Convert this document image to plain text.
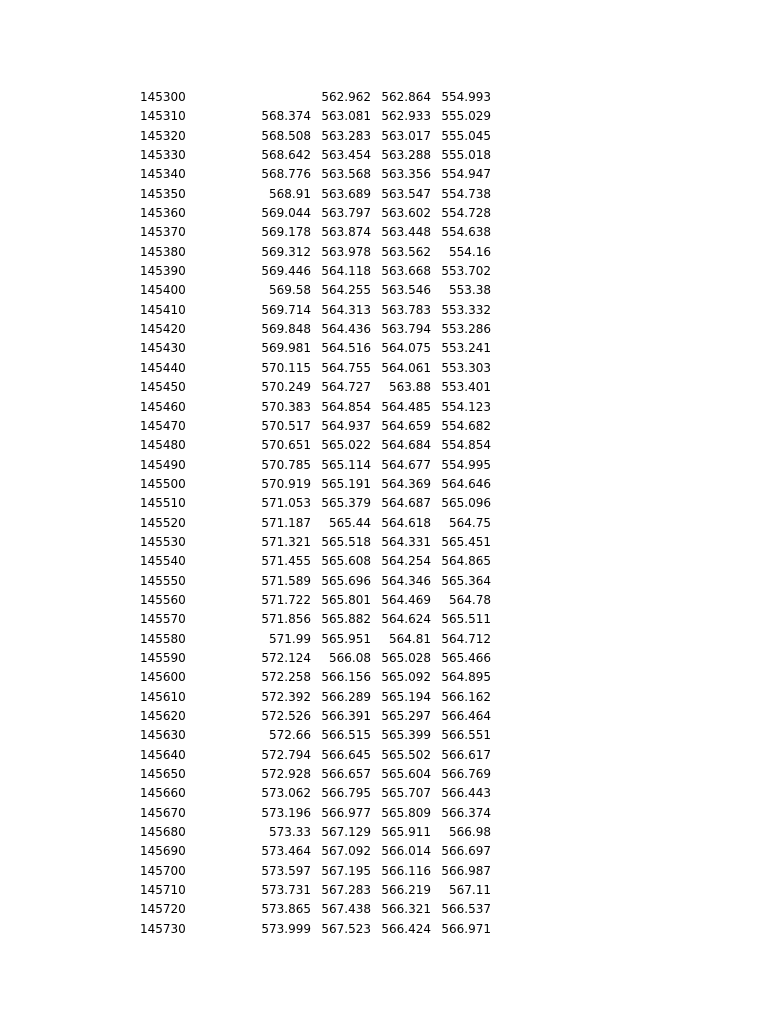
145300		562.962	562.864	554.993
145310	568.374	563.081	562.933	555.029
145320	568.508	563.283	563.017	555.045
145330	568.642	563.454	563.288	555.018
145340	568.776	563.568	563.356	554.947
145350	568.91	563.689	563.547	554.738
145360	569.044	563.797	563.602	554.728
145370	569.178	563.874	563.448	554.638
145380	569.312	563.978	563.562	554.16
145390	569.446	564.118	563.668	553.702
145400	569.58	564.255	563.546	553.38
145410	569.714	564.313	563.783	553.332
145420	569.848	564.436	563.794	553.286
145430	569.981	564.516	564.075	553.241
145440	570.115	564.755	564.061	553.303
145450	570.249	564.727	563.88	553.401
145460	570.383	564.854	564.485	554.123
145470	570.517	564.937	564.659	554.682
145480	570.651	565.022	564.684	554.854
145490	570.785	565.114	564.677	554.995
145500	570.919	565.191	564.369	564.646
145510	571.053	565.379	564.687	565.096
145520	571.187	565.44	564.618	564.75
145530	571.321	565.518	564.331	565.451
145540	571.455	565.608	564.254	564.865
145550	571.589	565.696	564.346	565.364
145560	571.722	565.801	564.469	564.78
145570	571.856	565.882	564.624	565.511
145580	571.99	565.951	564.81	564.712
145590	572.124	566.08	565.028	565.466
145600	572.258	566.156	565.092	564.895
145610	572.392	566.289	565.194	566.162
145620	572.526	566.391	565.297	566.464
145630	572.66	566.515	565.399	566.551
145640	572.794	566.645	565.502	566.617
145650	572.928	566.657	565.604	566.769
145660	573.062	566.795	565.707	566.443
145670	573.196	566.977	565.809	566.374
145680	573.33	567.129	565.911	566.98
145690	573.464	567.092	566.014	566.697
145700	573.597	567.195	566.116	566.987
145710	573.731	567.283	566.219	567.11
145720	573.865	567.438	566.321	566.537
145730	573.999	567.523	566.424	566.971
